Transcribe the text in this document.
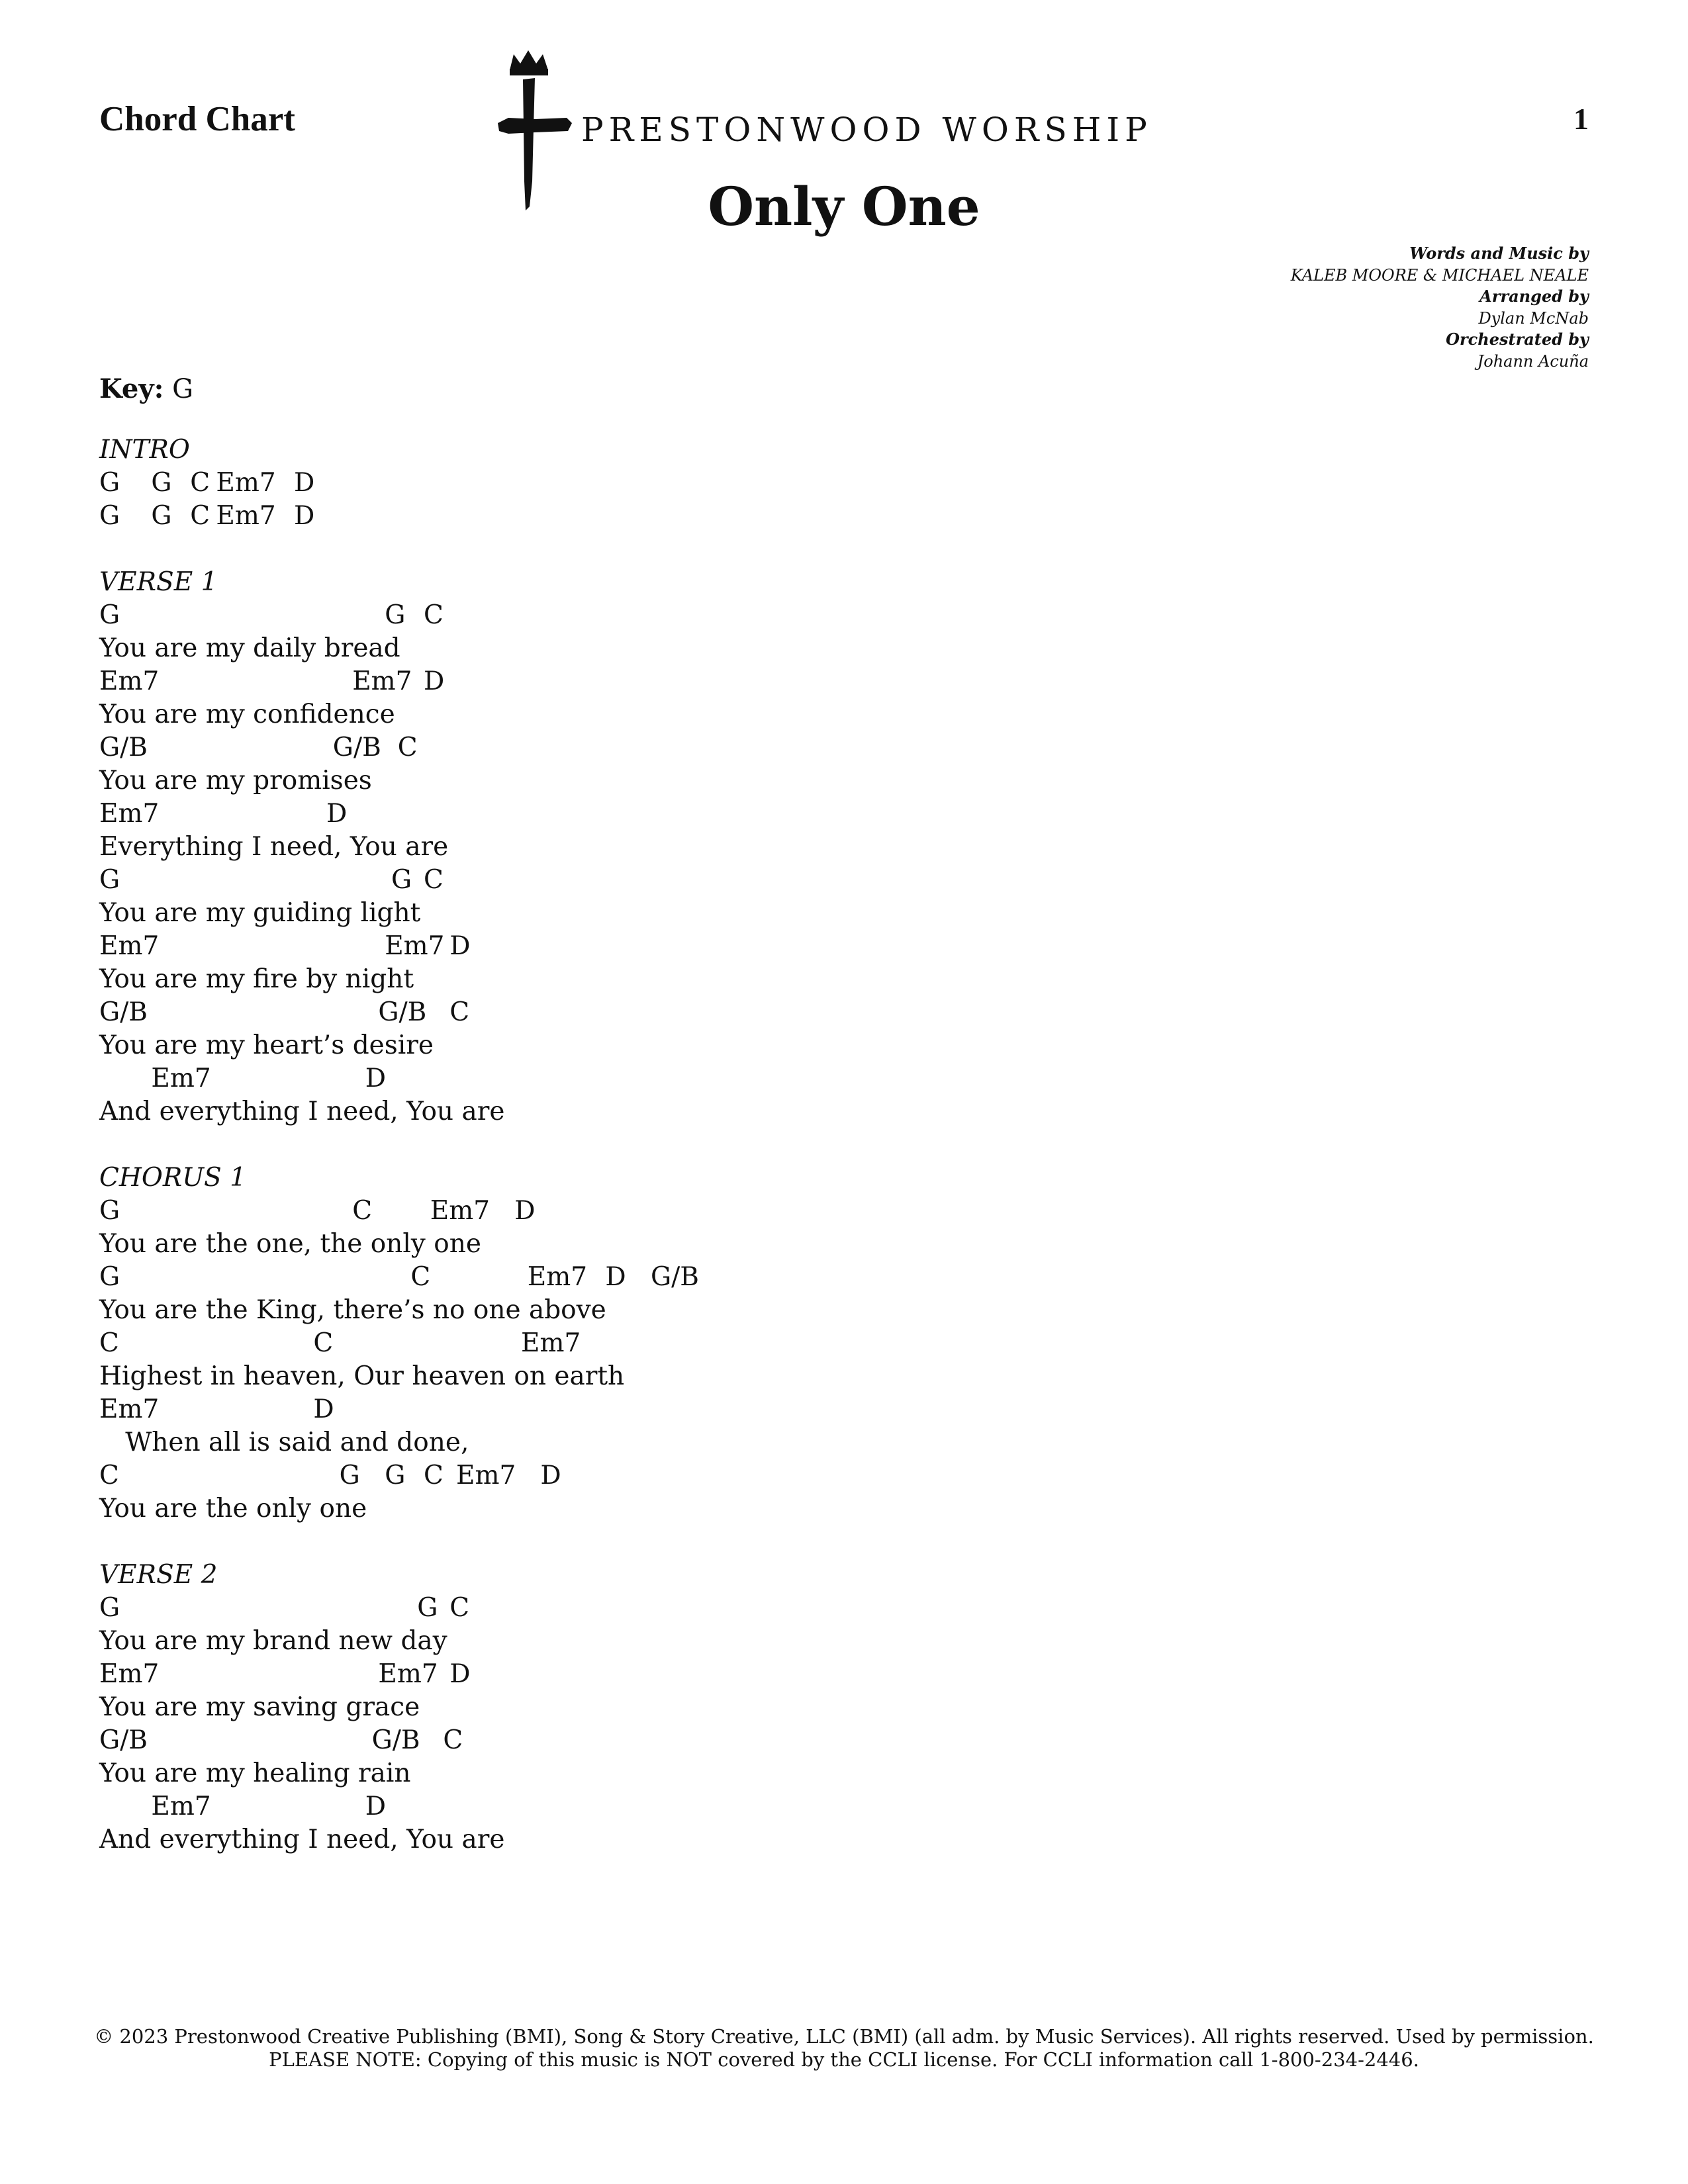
Chord Chart	PRESTONWOOD WORSHIP	1
Only One
Words and Music by
KALEB MOORE & MICHAEL NEALE
Arranged by
Dylan McNab
Orchestrated by
Johann Acuña
Key: G
INTRO
G G C Em7 D
G G C Em7 D
VERSE 1
G	G C
You are my daily bread
Em7	Em7 D
You are my confidence
G/B	G/B C
You are my promises
Em7	D
Everything I need, You are
G	G C
You are my guiding light
Em7	Em7 D
You are my fire by night
G/B	G/B C
You are my heart’s desire
Em7	D
And everything I need, You are
CHORUS 1
G	C Em7 D
You are the one, the only one
G	C	Em7 D G/B
You are the King, there’s no one above
C	C	Em7
Highest in heaven, Our heaven on earth
Em7	D
When all is said and done,
C	G G C Em7 D
You are the only one
VERSE 2
G	G C
You are my brand new day
Em7	Em7 D
You are my saving grace
G/B	G/B C
You are my healing rain
Em7	D
And everything I need, You are
© 2023 Prestonwood Creative Publishing (BMI), Song & Story Creative, LLC (BMI) (all adm. by Music Services). All rights reserved. Used by permission.
PLEASE NOTE: Copying of this music is NOT covered by the CCLI license. For CCLI information call 1-800-234-2446.
